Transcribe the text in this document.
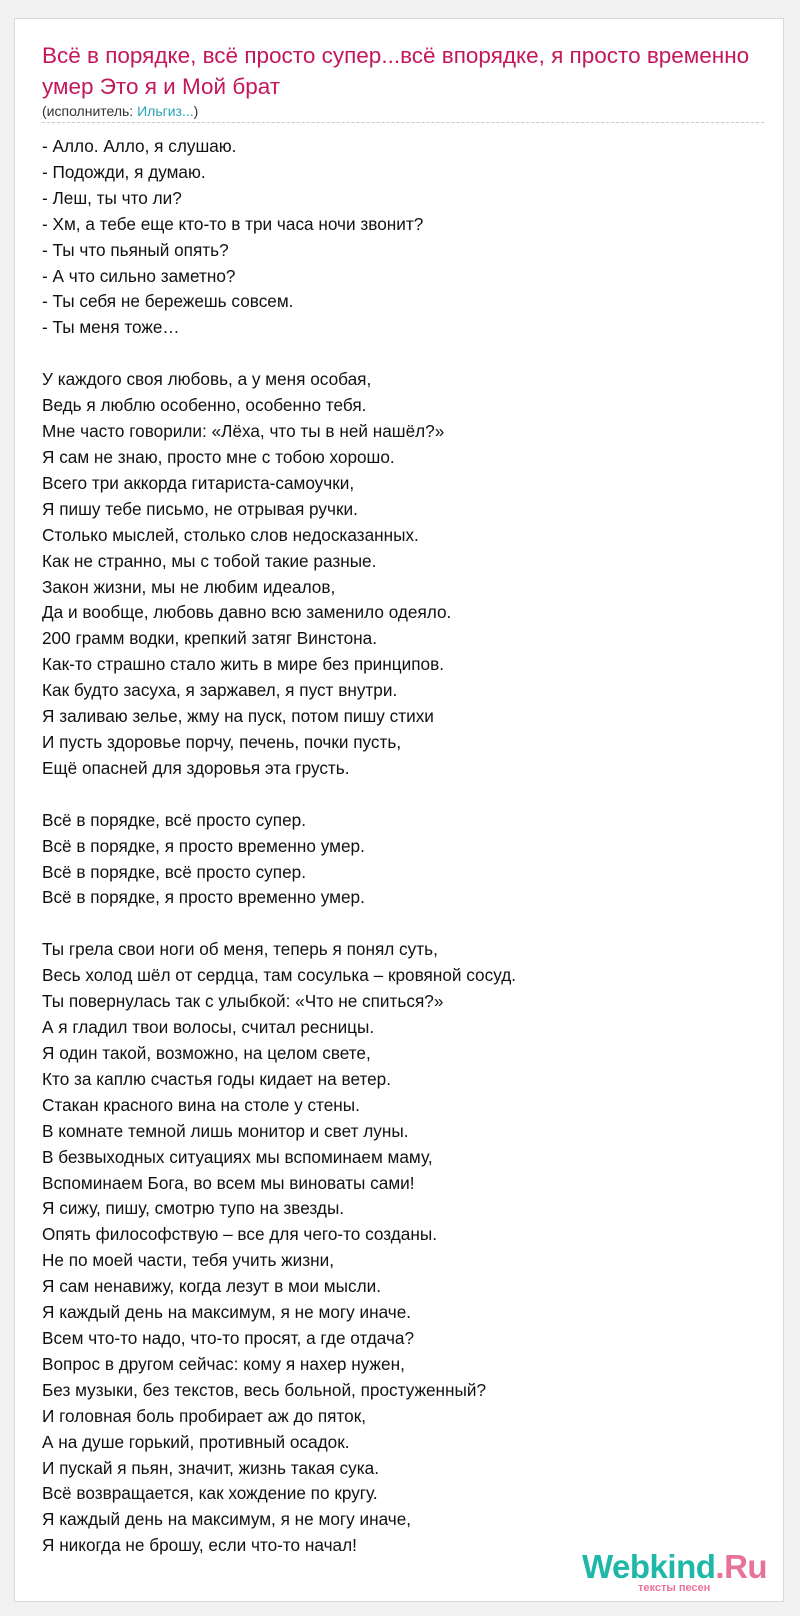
Всё в порядке, всё просто супер...всё впорядке, я просто временно умер Это я и Мой брат
(исполнитель: Ильгиз...)
- Алло. Алло, я слушаю.
- Подожди, я думаю.
- Леш, ты что ли?
- Хм, а тебе еще кто-то в три часа ночи звонит?
- Ты что пьяный опять?
- А что сильно заметно?
- Ты себя не бережешь совсем.
- Ты меня тоже…
У каждого своя любовь, а у меня особая,
Ведь я люблю особенно, особенно тебя.
Мне часто говорили: «Лёха, что ты в ней нашёл?»
Я сам не знаю, просто мне с тобою хорошо.
Всего три аккорда гитариста-самоучки,
Я пишу тебе письмо, не отрывая ручки.
Столько мыслей, столько слов недосказанных.
Как не странно, мы с тобой такие разные.
Закон жизни, мы не любим идеалов,
Да и вообще, любовь давно всю заменило одеяло.
200 грамм водки, крепкий затяг Винстона.
Как-то страшно стало жить в мире без принципов.
Как будто засуха, я заржавел, я пуст внутри.
Я заливаю зелье, жму на пуск, потом пишу стихи
И пусть здоровье порчу, печень, почки пусть,
Ещё опасней для здоровья эта грусть.
Всё в порядке, всё просто супер.
Всё в порядке, я просто временно умер.
Всё в порядке, всё просто супер.
Всё в порядке, я просто временно умер.
Ты грела свои ноги об меня, теперь я понял суть,
Весь холод шёл от сердца, там сосулька – кровяной сосуд.
Ты повернулась так с улыбкой: «Что не спиться?»
А я гладил твои волосы, считал ресницы.
Я один такой, возможно, на целом свете,
Кто за каплю счастья годы кидает на ветер.
Стакан красного вина на столе у стены.
В комнате темной лишь монитор и свет луны.
В безвыходных ситуациях мы вспоминаем маму,
Вспоминаем Бога, во всем мы виноваты сами!
Я сижу, пишу, смотрю тупо на звезды.
Опять философствую – все для чего-то созданы.
Не по моей части, тебя учить жизни,
Я сам ненавижу, когда лезут в мои мысли.
Я каждый день на максимум, я не могу иначе.
Всем что-то надо, что-то просят, а где отдача?
Вопрос в другом сейчас: кому я нахер нужен,
Без музыки, без текстов, весь больной, простуженный?
И головная боль пробирает аж до пяток,
А на душе горький, противный осадок.
И пускай я пьян, значит, жизнь такая сука.
Всё возвращается, как хождение по кругу.
Я каждый день на максимум, я не могу иначе,
Я никогда не брошу, если что-то начал!
Webkind.Ru
тексты песен
